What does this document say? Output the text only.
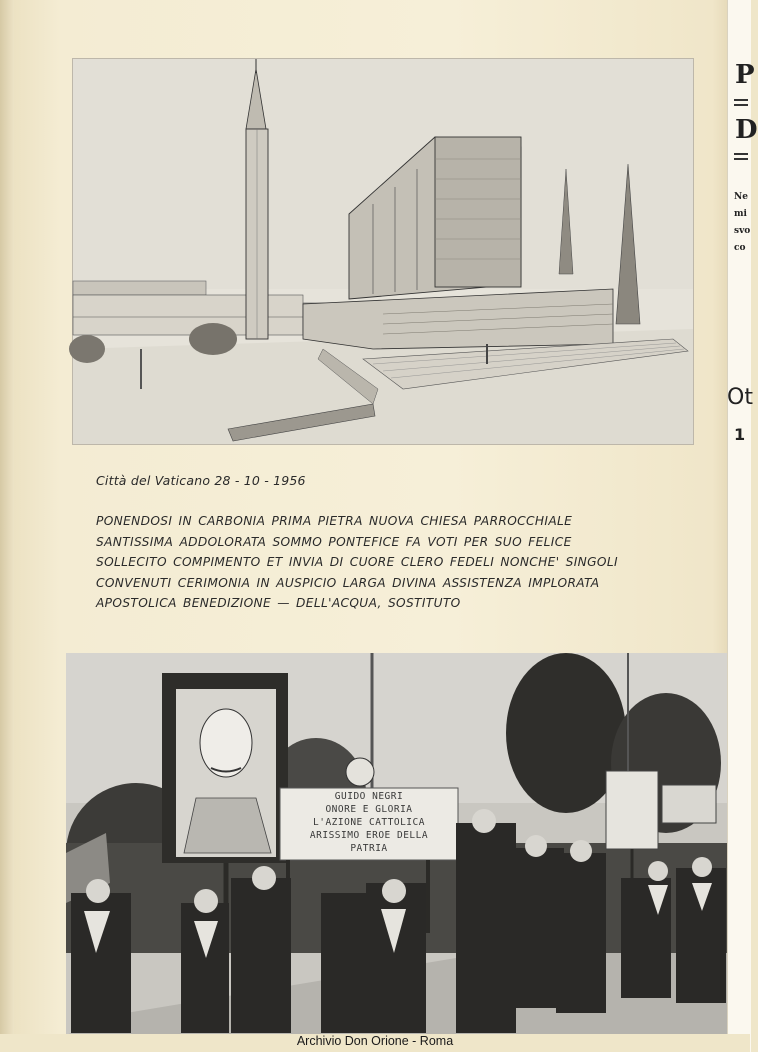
Città del Vaticano 28 - 10 - 1956
PONENDOSI IN CARBONIA PRIMA PIETRA NUOVA CHIESA PARROCCHIALE
SANTISSIMA ADDOLORATA SOMMO PONTEFICE FA VOTI PER SUO FELICE
SOLLECITO COMPIMENTO ET INVIA DI CUORE CLERO FEDELI NONCHE' SINGOLI
CONVENUTI CERIMONIA IN AUSPICIO LARGA DIVINA ASSISTENZA IMPLORATA
APOSTOLICA BENEDIZIONE — DELL'ACQUA, SOSTITUTO
GUIDO NEGRI
ONORE E GLORIA
L'AZIONE CATTOLICA
ARISSIMO EROE DELLA
PATRIA
P
D
Ne
mi
svo
co
Ot
1
Archivio Don Orione - Roma
